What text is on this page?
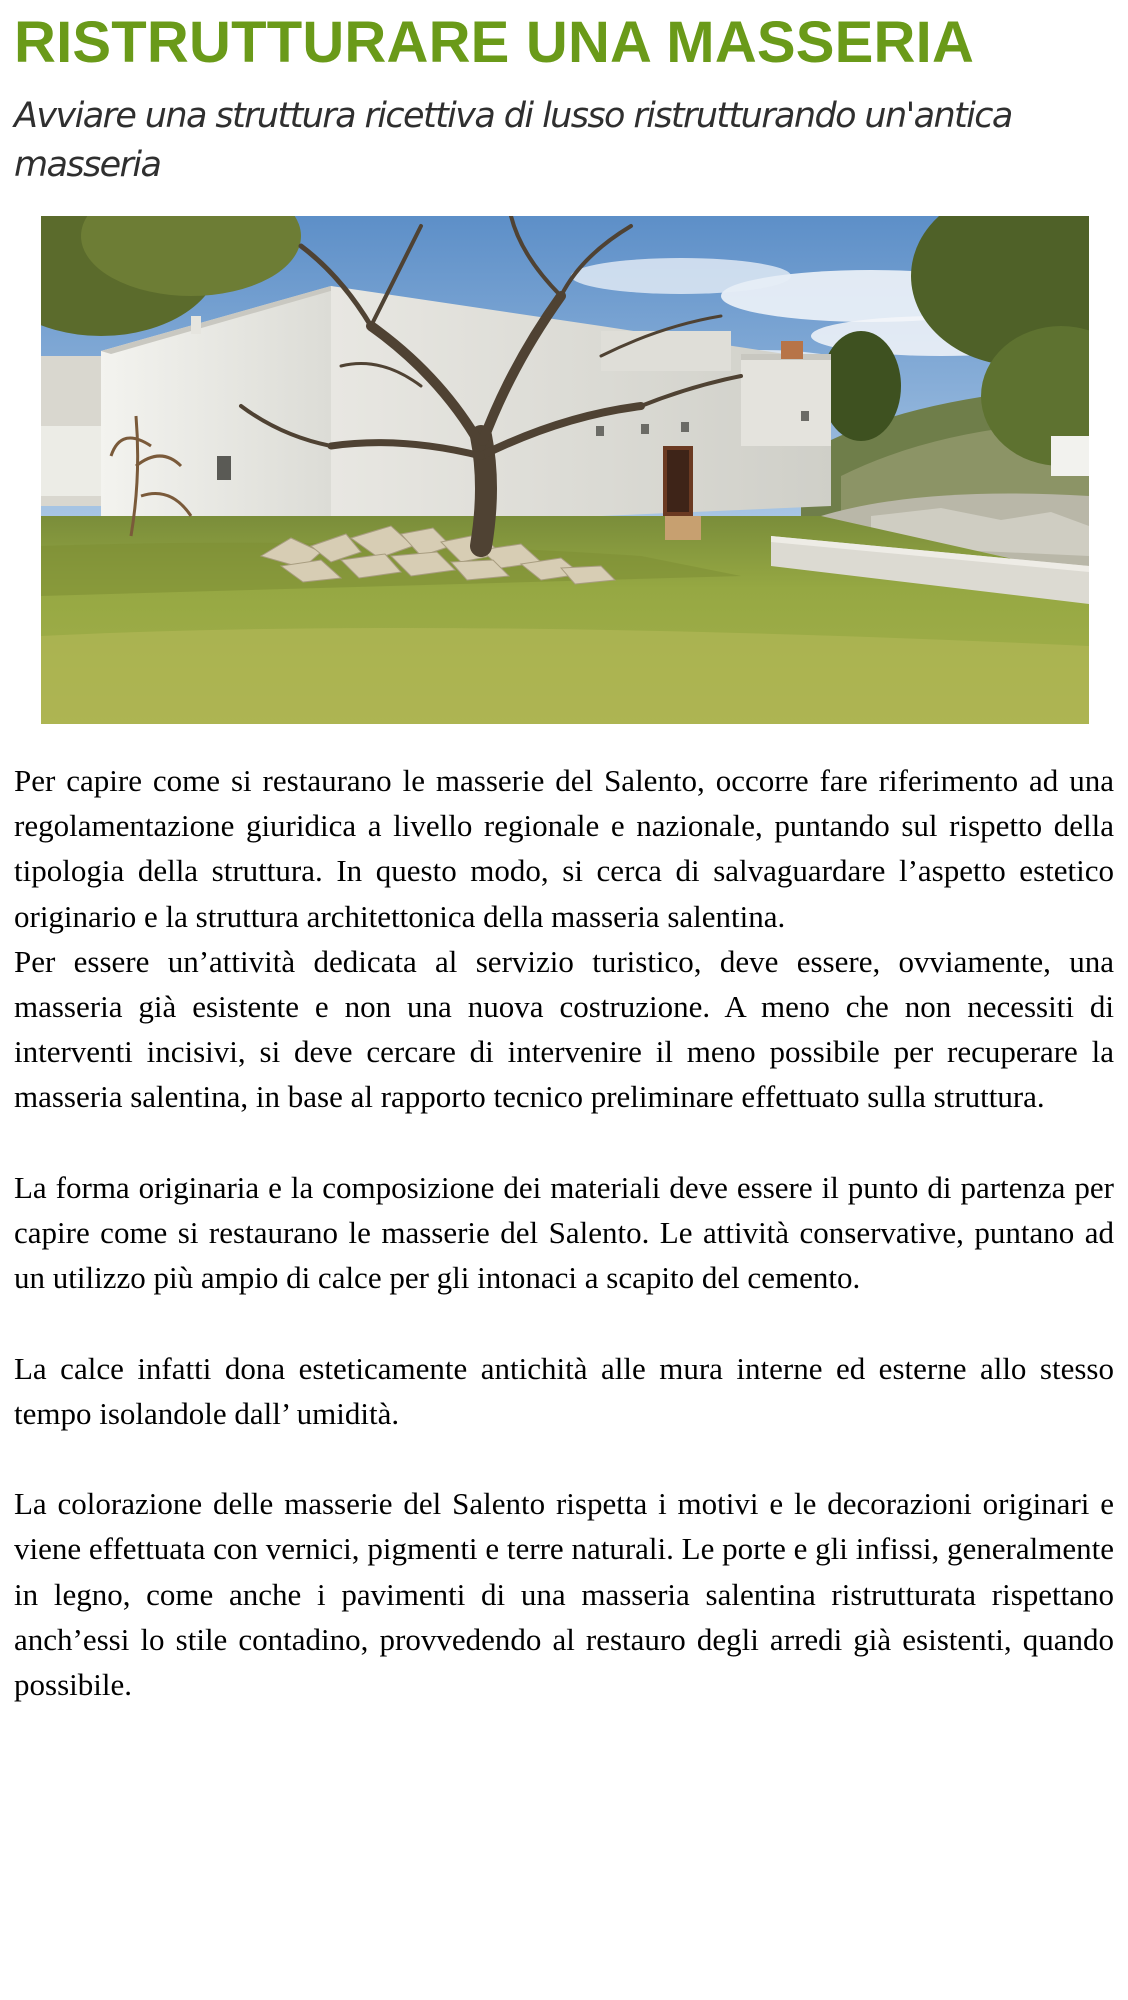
RISTRUTTURARE UNA MASSERIA
Avviare una struttura ricettiva di lusso ristrutturando un'antica masseria

Per capire come si restaurano le masserie del Salento, occorre fare riferimento ad una regolamentazione giuridica a livello regionale e nazionale, puntando sul rispetto della tipologia della struttura. In questo modo, si cerca di salvaguardare l’aspetto estetico originario e la struttura architettonica della masseria salentina.

Per essere un’attività dedicata al servizio turistico, deve essere, ovviamente, una masseria già esistente e non una nuova costruzione. A meno che non necessiti di interventi incisivi, si deve cercare di intervenire il meno possibile per recuperare la masseria salentina, in base al rapporto tecnico preliminare effettuato sulla struttura.

La forma originaria e la composizione dei materiali deve essere il punto di partenza per capire come si restaurano le masserie del Salento. Le attività conservative, puntano ad un utilizzo più ampio di calce per gli intonaci a scapito del cemento.

La calce infatti dona esteticamente antichità alle mura interne ed esterne allo stesso tempo isolandole dall’ umidità.

La colorazione delle masserie del Salento rispetta i motivi e le decorazioni originari e viene effettuata con vernici, pigmenti e terre naturali. Le porte e gli infissi, generalmente in legno, come anche i pavimenti di una masseria salentina ristrutturata rispettano anch’essi lo stile contadino, provvedendo al restauro degli arredi già esistenti, quando possibile.
